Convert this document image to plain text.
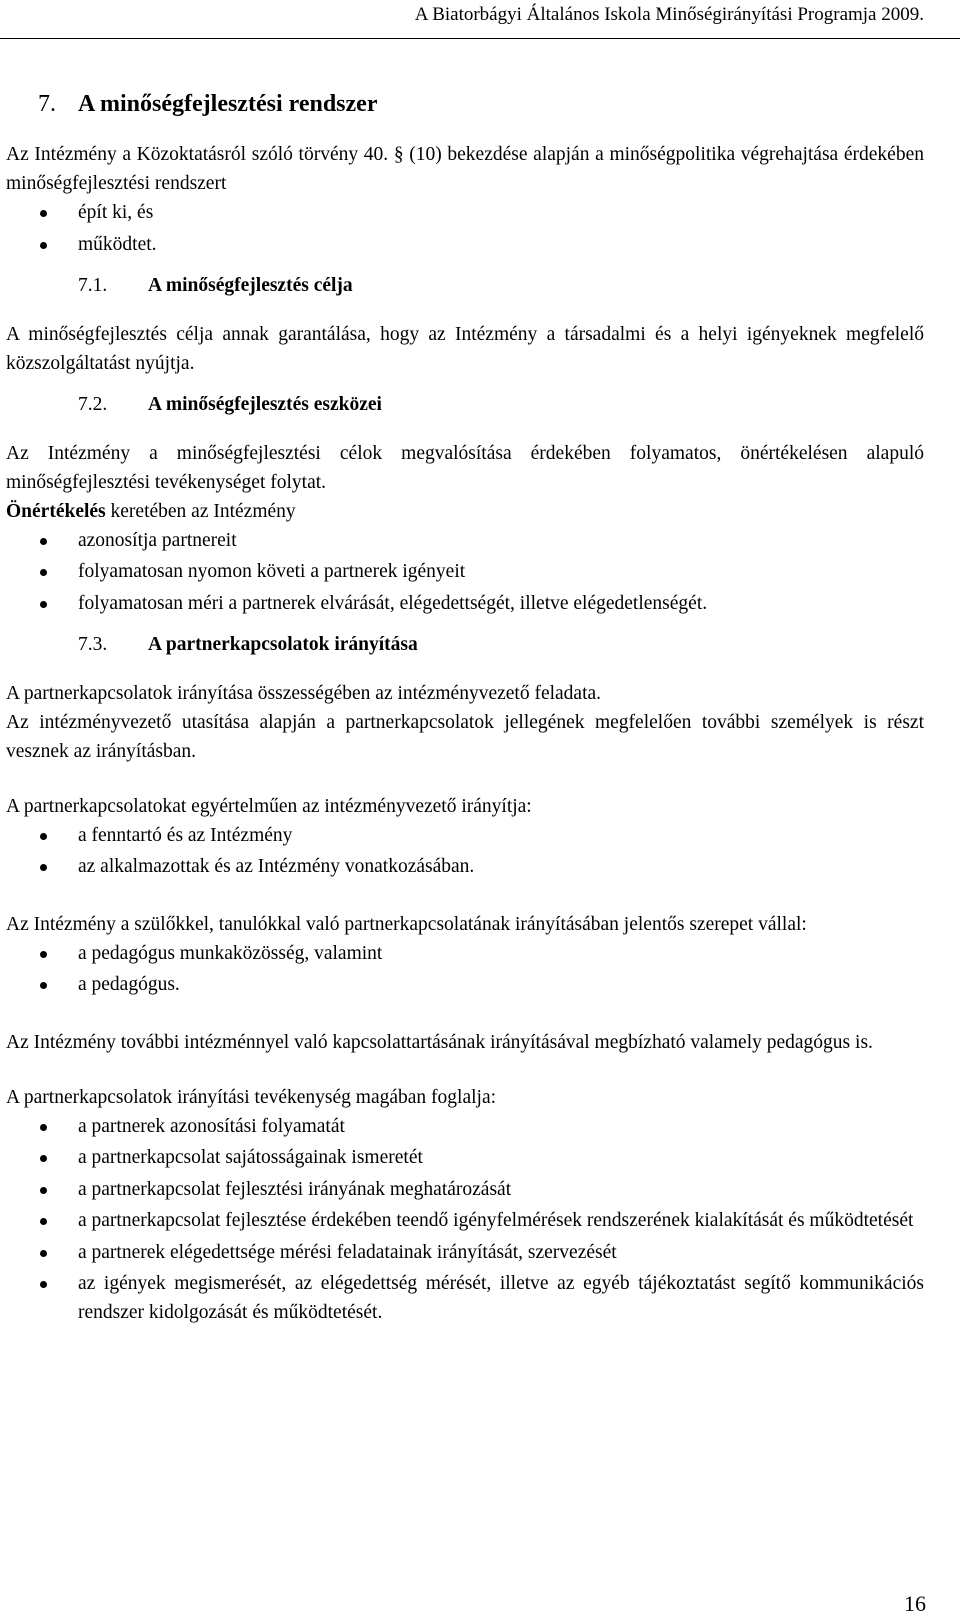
A Biatorbágyi Általános Iskola Minőségirányítási Programja 2009.
7. A minőségfejlesztési rendszer

Az Intézmény a Közoktatásról szóló törvény 40. § (10) bekezdése alapján a minőségpolitika végrehajtása érdekében minőségfejlesztési rendszert

épít ki, és
működtet.
7.1. A minőségfejlesztés célja

A minőségfejlesztés célja annak garantálása, hogy az Intézmény a társadalmi és a helyi igényeknek megfelelő közszolgáltatást nyújtja.

7.2. A minőségfejlesztés eszközei

Az Intézmény a minőségfejlesztési célok megvalósítása érdekében folyamatos, önértékelésen alapuló minőségfejlesztési tevékenységet folytat.

Önértékelés keretében az Intézmény

azonosítja partnereit
folyamatosan nyomon követi a partnerek igényeit
folyamatosan méri a partnerek elvárását, elégedettségét, illetve elégedetlenségét.
7.3. A partnerkapcsolatok irányítása

A partnerkapcsolatok irányítása összességében az intézményvezető feladata.

Az intézményvezető utasítása alapján a partnerkapcsolatok jellegének megfelelően további személyek is részt vesznek az irányításban.

A partnerkapcsolatokat egyértelműen az intézményvezető irányítja:

a fenntartó és az Intézmény
az alkalmazottak és az Intézmény vonatkozásában.

Az Intézmény a szülőkkel, tanulókkal való partnerkapcsolatának irányításában jelentős szerepet vállal:

a pedagógus munkaközösség, valamint
a pedagógus.

Az Intézmény további intézménnyel való kapcsolattartásának irányításával megbízható valamely pedagógus is.

A partnerkapcsolatok irányítási tevékenység magában foglalja:

a partnerek azonosítási folyamatát
a partnerkapcsolat sajátosságainak ismeretét
a partnerkapcsolat fejlesztési irányának meghatározását
a partnerkapcsolat fejlesztése érdekében teendő igényfelmérések rendszerének kialakítását és működtetését
a partnerek elégedettsége mérési feladatainak irányítását, szervezését
az igények megismerését, az elégedettség mérését, illetve az egyéb tájékoztatást segítő kommunikációs rendszer kidolgozását és működtetését.
16
